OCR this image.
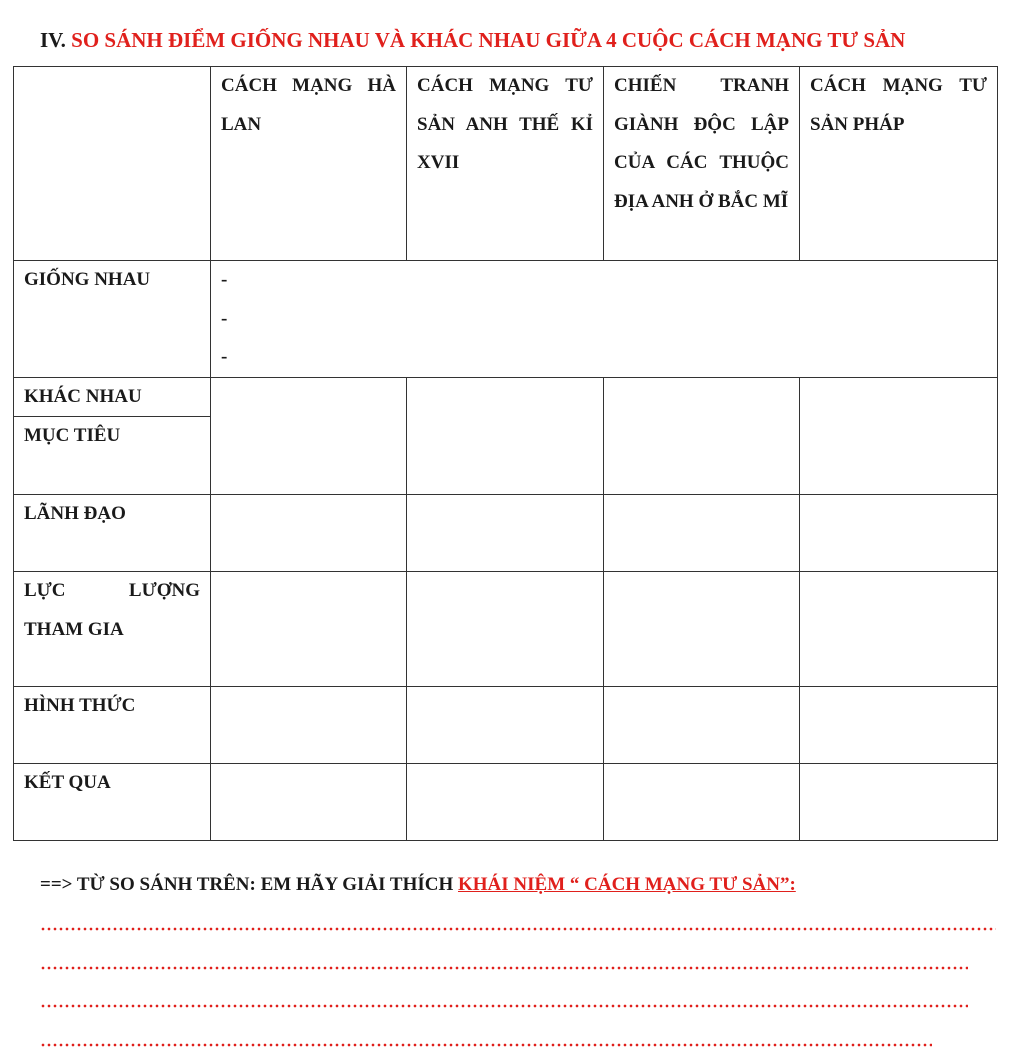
IV. SO SÁNH ĐIỂM GIỐNG NHAU VÀ KHÁC NHAU GIỮA 4 CUỘC CÁCH MẠNG TƯ SẢN

	CÁCH MẠNG HÀ LAN	CÁCH MẠNG TƯ SẢN ANH THẾ KỈ XVII	CHIẾN TRANH GIÀNH ĐỘC LẬP CỦA CÁC THUỘC ĐỊA ANH Ở BẮC MĨ	CÁCH MẠNG TƯ SẢN PHÁP

GIỐNG NHAU	-
-
-			

KHÁC NHAU				

MỤC TIÊU				

LÃNH ĐẠO				

LỰC LƯỢNG THAM GIA				

HÌNH THỨC				

KẾT QUA				

==> TỪ SO SÁNH TRÊN: EM HÃY GIẢI THÍCH KHÁI NIỆM “ CÁCH MẠNG TƯ SẢN”:
